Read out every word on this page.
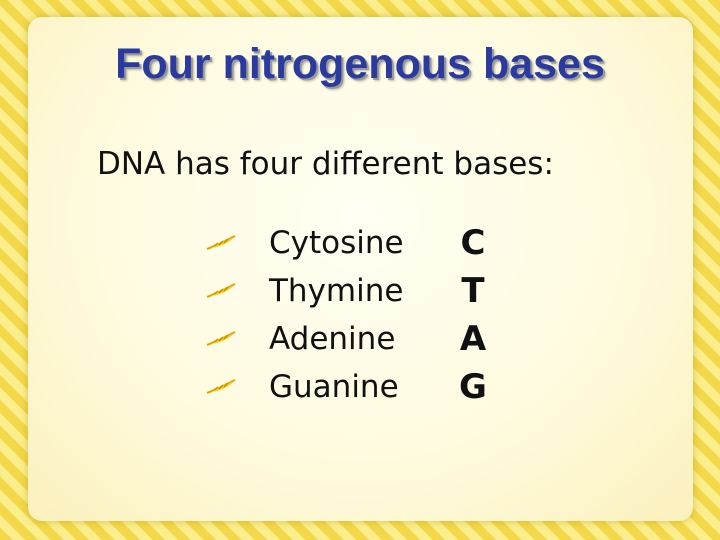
Four nitrogenous bases
DNA has four different bases:
Cytosine
Thymine
Adenine
Guanine
C
T
A
G
